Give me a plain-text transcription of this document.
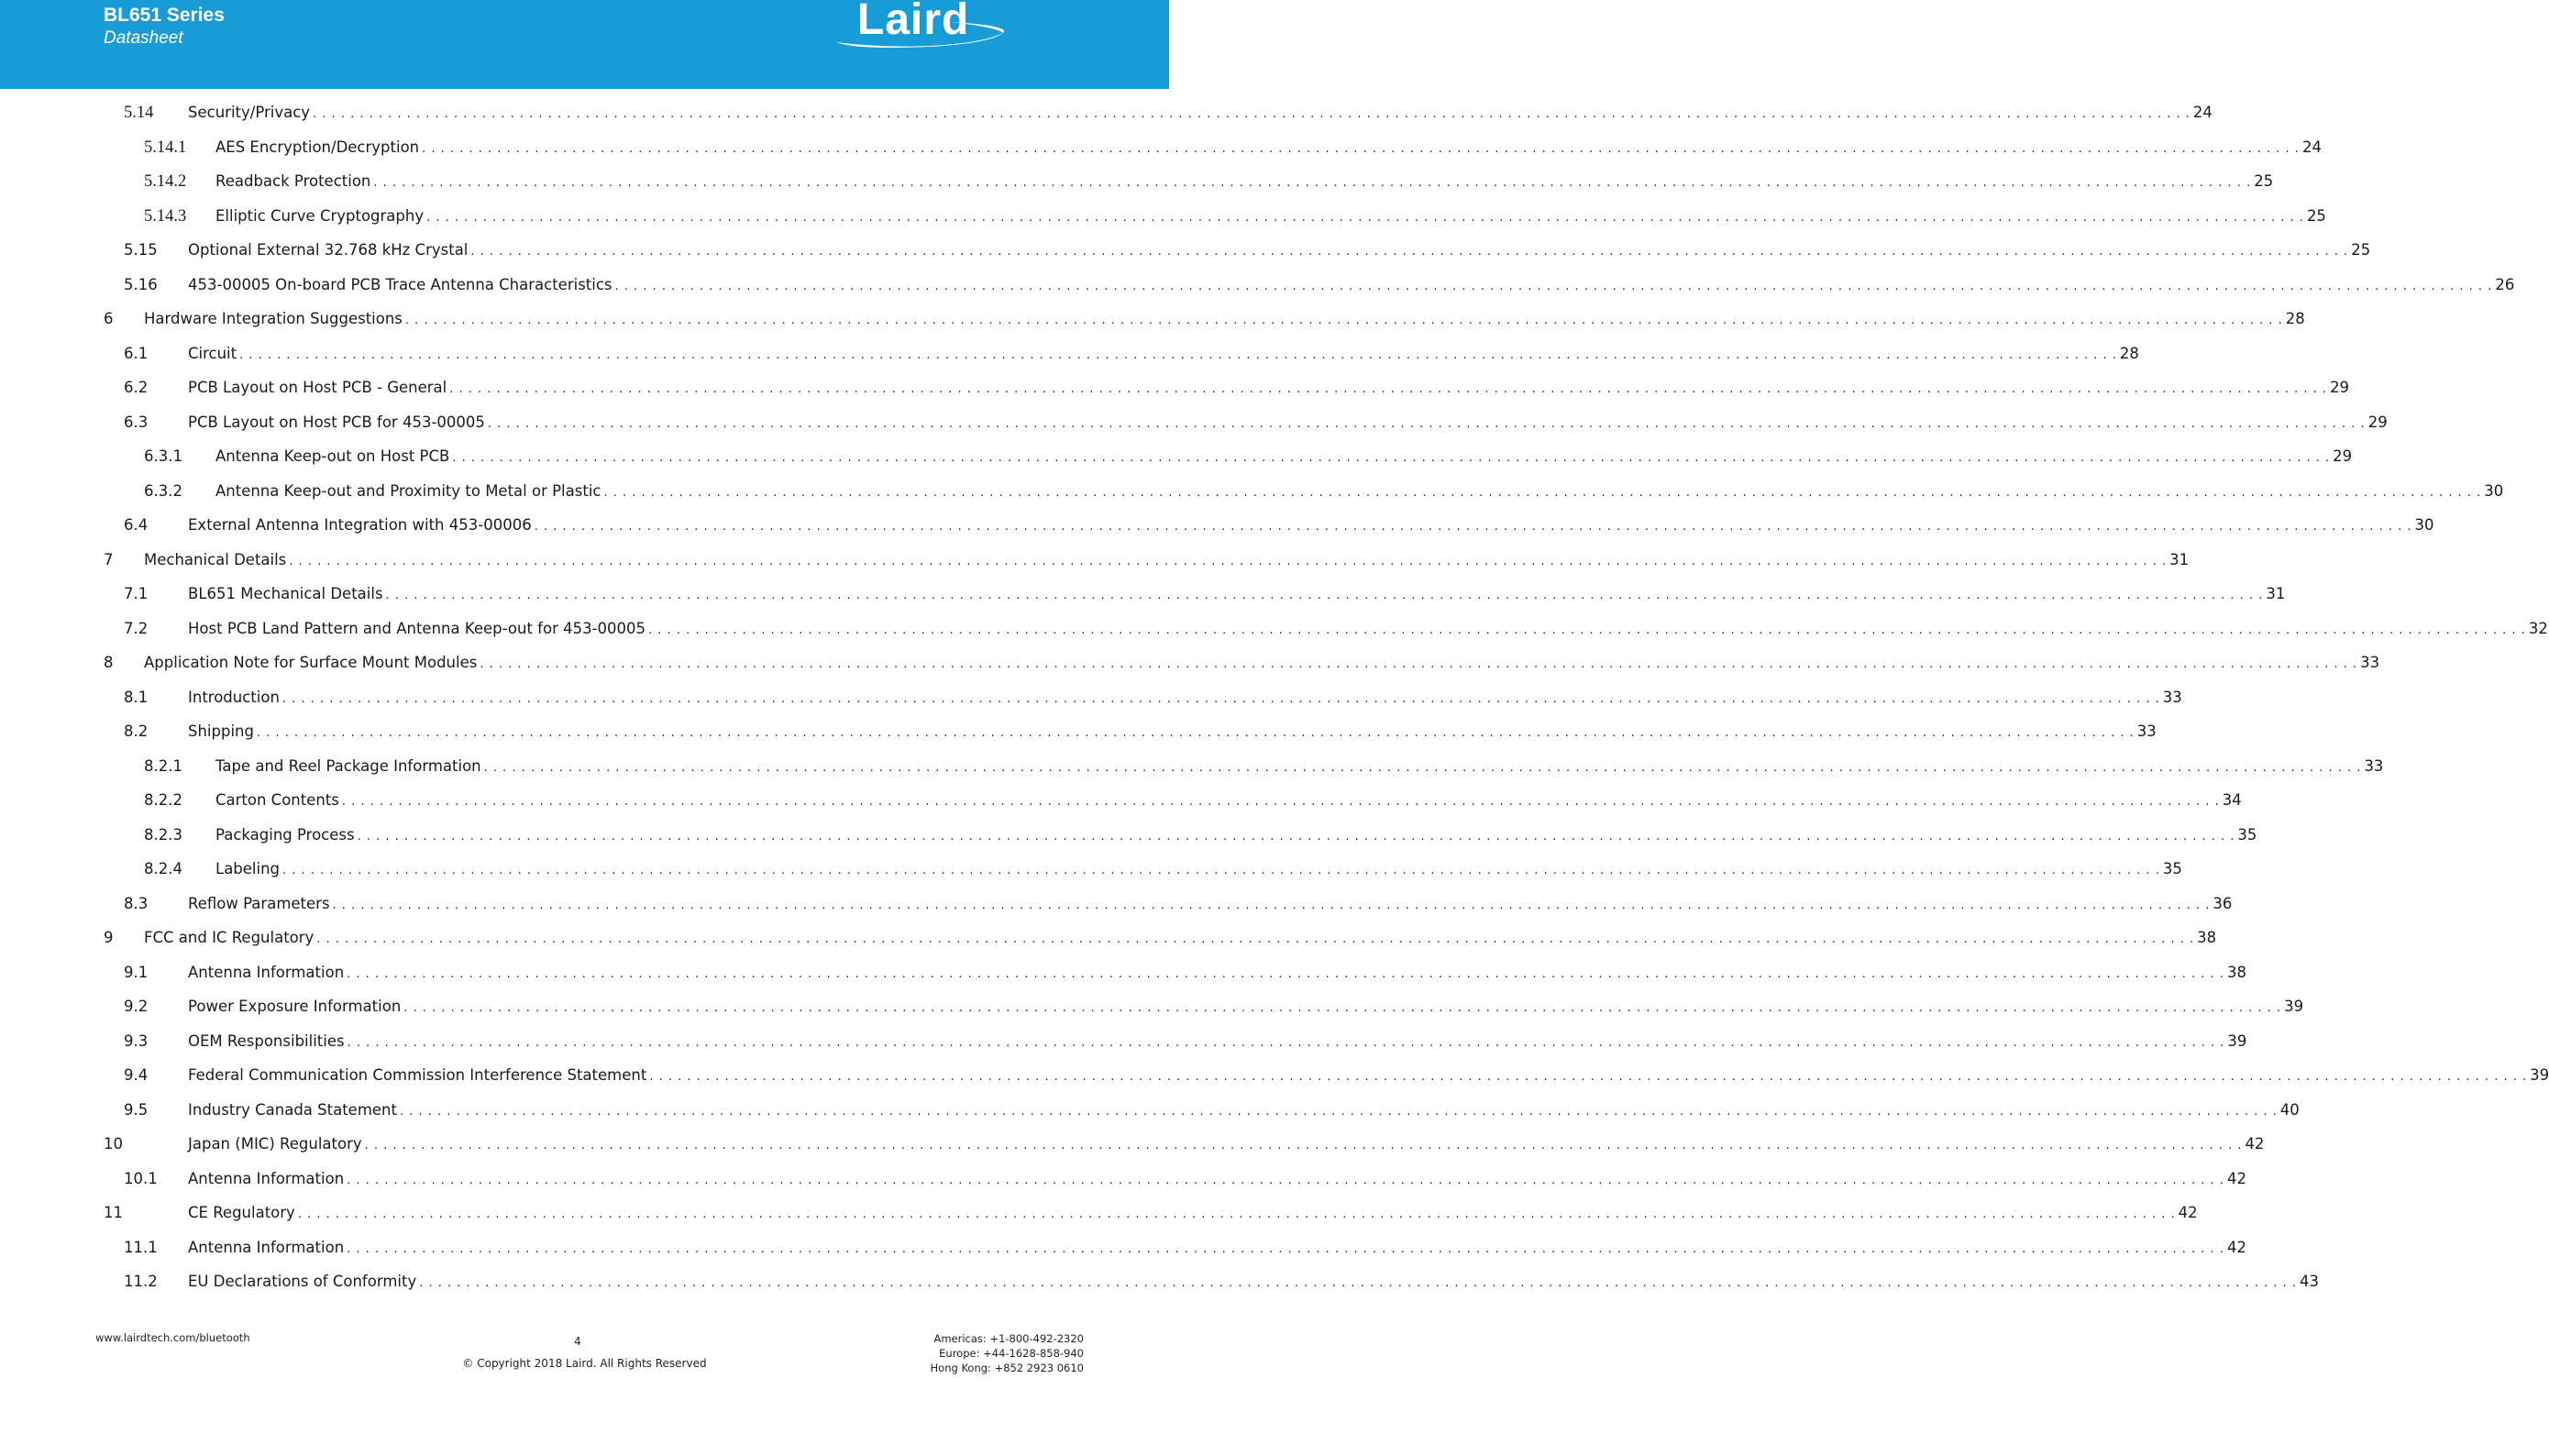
BL651 Series
Datasheet	Laird
5.14 Security/Privacy . . . . . . . . . . . . . . . . . . . . . . . . . . . . . . . . . . . . . . . . . . . . . . . . . . . . . . . . . . . . . . . . . . . . . . . . . . . . . . . . . . . . . . . . . . . . . . . . . . . . . . . . . . . . . . . . . . . . . . . . . . . . . . . . . . . . . . . . . . . . . . . . . . . . . . . . . . . . . . . . . . . . . . . . . . . . . . . . . . . . . . . . . . . . . . . . . . . . . . . . 24
5.14.1 AES Encryption/Decryption . . . . . . . . . . . . . . . . . . . . . . . . . . . . . . . . . . . . . . . . . . . . . . . . . . . . . . . . . . . . . . . . . . . . . . . . . . . . . . . . . . . . . . . . . . . . . . . . . . . . . . . . . . . . . . . . . . . . . . . . . . . . . . . . . . . . . . . . . . . . . . . . . . . . . . . . . . . . . . . . . . . . . . . . . . . . . . . . . . . . . . . . . . . . . . . . . . . . . . . . 24
5.14.2 Readback Protection . . . . . . . . . . . . . . . . . . . . . . . . . . . . . . . . . . . . . . . . . . . . . . . . . . . . . . . . . . . . . . . . . . . . . . . . . . . . . . . . . . . . . . . . . . . . . . . . . . . . . . . . . . . . . . . . . . . . . . . . . . . . . . . . . . . . . . . . . . . . . . . . . . . . . . . . . . . . . . . . . . . . . . . . . . . . . . . . . . . . . . . . . . . . . . . . . . . . . . . . 25
5.14.3 Elliptic Curve Cryptography . . . . . . . . . . . . . . . . . . . . . . . . . . . . . . . . . . . . . . . . . . . . . . . . . . . . . . . . . . . . . . . . . . . . . . . . . . . . . . . . . . . . . . . . . . . . . . . . . . . . . . . . . . . . . . . . . . . . . . . . . . . . . . . . . . . . . . . . . . . . . . . . . . . . . . . . . . . . . . . . . . . . . . . . . . . . . . . . . . . . . . . . . . . . . . . . . . . . . . . . 25
5.15 Optional External 32.768 kHz Crystal . . . . . . . . . . . . . . . . . . . . . . . . . . . . . . . . . . . . . . . . . . . . . . . . . . . . . . . . . . . . . . . . . . . . . . . . . . . . . . . . . . . . . . . . . . . . . . . . . . . . . . . . . . . . . . . . . . . . . . . . . . . . . . . . . . . . . . . . . . . . . . . . . . . . . . . . . . . . . . . . . . . . . . . . . . . . . . . . . . . . . . . . . . . . . . . . . . . . . . . . 25
5.16 453-00005 On-board PCB Trace Antenna Characteristics . . . . . . . . . . . . . . . . . . . . . . . . . . . . . . . . . . . . . . . . . . . . . . . . . . . . . . . . . . . . . . . . . . . . . . . . . . . . . . . . . . . . . . . . . . . . . . . . . . . . . . . . . . . . . . . . . . . . . . . . . . . . . . . . . . . . . . . . . . . . . . . . . . . . . . . . . . . . . . . . . . . . . . . . . . . . . . . . . . . . . . . . . . . . . . . . . . . . . . . . 26
6 Hardware Integration Suggestions . . . . . . . . . . . . . . . . . . . . . . . . . . . . . . . . . . . . . . . . . . . . . . . . . . . . . . . . . . . . . . . . . . . . . . . . . . . . . . . . . . . . . . . . . . . . . . . . . . . . . . . . . . . . . . . . . . . . . . . . . . . . . . . . . . . . . . . . . . . . . . . . . . . . . . . . . . . . . . . . . . . . . . . . . . . . . . . . . . . . . . . . . . . . . . . . . . . . . . . . 28
6.1	Circuit . . . . . . . . . . . . . . . . . . . . . . . . . . . . . . . . . . . . . . . . . . . . . . . . . . . . . . . . . . . . . . . . . . . . . . . . . . . . . . . . . . . . . . . . . . . . . . . . . . . . . . . . . . . . . . . . . . . . . . . . . . . . . . . . . . . . . . . . . . . . . . . . . . . . . . . . . . . . . . . . . . . . . . . . . . . . . . . . . . . . . . . . . . . . . . . . . . . . . . . . 28
6.2	PCB Layout on Host PCB - General . . . . . . . . . . . . . . . . . . . . . . . . . . . . . . . . . . . . . . . . . . . . . . . . . . . . . . . . . . . . . . . . . . . . . . . . . . . . . . . . . . . . . . . . . . . . . . . . . . . . . . . . . . . . . . . . . . . . . . . . . . . . . . . . . . . . . . . . . . . . . . . . . . . . . . . . . . . . . . . . . . . . . . . . . . . . . . . . . . . . . . . . . . . . . . . . . . . . . . . . 29
6.3	PCB Layout on Host PCB for 453-00005 . . . . . . . . . . . . . . . . . . . . . . . . . . . . . . . . . . . . . . . . . . . . . . . . . . . . . . . . . . . . . . . . . . . . . . . . . . . . . . . . . . . . . . . . . . . . . . . . . . . . . . . . . . . . . . . . . . . . . . . . . . . . . . . . . . . . . . . . . . . . . . . . . . . . . . . . . . . . . . . . . . . . . . . . . . . . . . . . . . . . . . . . . . . . . . . . . . . . . . . . 29
6.3.1 Antenna Keep-out on Host PCB . . . . . . . . . . . . . . . . . . . . . . . . . . . . . . . . . . . . . . . . . . . . . . . . . . . . . . . . . . . . . . . . . . . . . . . . . . . . . . . . . . . . . . . . . . . . . . . . . . . . . . . . . . . . . . . . . . . . . . . . . . . . . . . . . . . . . . . . . . . . . . . . . . . . . . . . . . . . . . . . . . . . . . . . . . . . . . . . . . . . . . . . . . . . . . . . . . . . . . . . 29
6.3.2 Antenna Keep-out and Proximity to Metal or Plastic . . . . . . . . . . . . . . . . . . . . . . . . . . . . . . . . . . . . . . . . . . . . . . . . . . . . . . . . . . . . . . . . . . . . . . . . . . . . . . . . . . . . . . . . . . . . . . . . . . . . . . . . . . . . . . . . . . . . . . . . . . . . . . . . . . . . . . . . . . . . . . . . . . . . . . . . . . . . . . . . . . . . . . . . . . . . . . . . . . . . . . . . . . . . . . . . . . . . . . . . 30
6.4	External Antenna Integration with 453-00006 . . . . . . . . . . . . . . . . . . . . . . . . . . . . . . . . . . . . . . . . . . . . . . . . . . . . . . . . . . . . . . . . . . . . . . . . . . . . . . . . . . . . . . . . . . . . . . . . . . . . . . . . . . . . . . . . . . . . . . . . . . . . . . . . . . . . . . . . . . . . . . . . . . . . . . . . . . . . . . . . . . . . . . . . . . . . . . . . . . . . . . . . . . . . . . . . . . . . . . . . 30
7 Mechanical Details . . . . . . . . . . . . . . . . . . . . . . . . . . . . . . . . . . . . . . . . . . . . . . . . . . . . . . . . . . . . . . . . . . . . . . . . . . . . . . . . . . . . . . . . . . . . . . . . . . . . . . . . . . . . . . . . . . . . . . . . . . . . . . . . . . . . . . . . . . . . . . . . . . . . . . . . . . . . . . . . . . . . . . . . . . . . . . . . . . . . . . . . . . . . . . . . . . . . . . . . 31
7.1	BL651 Mechanical Details . . . . . . . . . . . . . . . . . . . . . . . . . . . . . . . . . . . . . . . . . . . . . . . . . . . . . . . . . . . . . . . . . . . . . . . . . . . . . . . . . . . . . . . . . . . . . . . . . . . . . . . . . . . . . . . . . . . . . . . . . . . . . . . . . . . . . . . . . . . . . . . . . . . . . . . . . . . . . . . . . . . . . . . . . . . . . . . . . . . . . . . . . . . . . . . . . . . . . . . . 31
7.2	Host PCB Land Pattern and Antenna Keep-out for 453-00005 . . . . . . . . . . . . . . . . . . . . . . . . . . . . . . . . . . . . . . . . . . . . . . . . . . . . . . . . . . . . . . . . . . . . . . . . . . . . . . . . . . . . . . . . . . . . . . . . . . . . . . . . . . . . . . . . . . . . . . . . . . . . . . . . . . . . . . . . . . . . . . . . . . . . . . . . . . . . . . . . . . . . . . . . . . . . . . . . . . . . . . . . . . . . . . . . . . . . . . . . 32
8 Application Note for Surface Mount Modules . . . . . . . . . . . . . . . . . . . . . . . . . . . . . . . . . . . . . . . . . . . . . . . . . . . . . . . . . . . . . . . . . . . . . . . . . . . . . . . . . . . . . . . . . . . . . . . . . . . . . . . . . . . . . . . . . . . . . . . . . . . . . . . . . . . . . . . . . . . . . . . . . . . . . . . . . . . . . . . . . . . . . . . . . . . . . . . . . . . . . . . . . . . . . . . . . . . . . . . . 33
8.1	Introduction . . . . . . . . . . . . . . . . . . . . . . . . . . . . . . . . . . . . . . . . . . . . . . . . . . . . . . . . . . . . . . . . . . . . . . . . . . . . . . . . . . . . . . . . . . . . . . . . . . . . . . . . . . . . . . . . . . . . . . . . . . . . . . . . . . . . . . . . . . . . . . . . . . . . . . . . . . . . . . . . . . . . . . . . . . . . . . . . . . . . . . . . . . . . . . . . . . . . . . . . 33
8.2	Shipping . . . . . . . . . . . . . . . . . . . . . . . . . . . . . . . . . . . . . . . . . . . . . . . . . . . . . . . . . . . . . . . . . . . . . . . . . . . . . . . . . . . . . . . . . . . . . . . . . . . . . . . . . . . . . . . . . . . . . . . . . . . . . . . . . . . . . . . . . . . . . . . . . . . . . . . . . . . . . . . . . . . . . . . . . . . . . . . . . . . . . . . . . . . . . . . . . . . . . . . . 33
8.2.1 Tape and Reel Package Information . . . . . . . . . . . . . . . . . . . . . . . . . . . . . . . . . . . . . . . . . . . . . . . . . . . . . . . . . . . . . . . . . . . . . . . . . . . . . . . . . . . . . . . . . . . . . . . . . . . . . . . . . . . . . . . . . . . . . . . . . . . . . . . . . . . . . . . . . . . . . . . . . . . . . . . . . . . . . . . . . . . . . . . . . . . . . . . . . . . . . . . . . . . . . . . . . . . . . . . . 33
8.2.2 Carton Contents . . . . . . . . . . . . . . . . . . . . . . . . . . . . . . . . . . . . . . . . . . . . . . . . . . . . . . . . . . . . . . . . . . . . . . . . . . . . . . . . . . . . . . . . . . . . . . . . . . . . . . . . . . . . . . . . . . . . . . . . . . . . . . . . . . . . . . . . . . . . . . . . . . . . . . . . . . . . . . . . . . . . . . . . . . . . . . . . . . . . . . . . . . . . . . . . . . . . . . . . 34
8.2.3 Packaging Process . . . . . . . . . . . . . . . . . . . . . . . . . . . . . . . . . . . . . . . . . . . . . . . . . . . . . . . . . . . . . . . . . . . . . . . . . . . . . . . . . . . . . . . . . . . . . . . . . . . . . . . . . . . . . . . . . . . . . . . . . . . . . . . . . . . . . . . . . . . . . . . . . . . . . . . . . . . . . . . . . . . . . . . . . . . . . . . . . . . . . . . . . . . . . . . . . . . . . . . . 35
8.2.4 Labeling . . . . . . . . . . . . . . . . . . . . . . . . . . . . . . . . . . . . . . . . . . . . . . . . . . . . . . . . . . . . . . . . . . . . . . . . . . . . . . . . . . . . . . . . . . . . . . . . . . . . . . . . . . . . . . . . . . . . . . . . . . . . . . . . . . . . . . . . . . . . . . . . . . . . . . . . . . . . . . . . . . . . . . . . . . . . . . . . . . . . . . . . . . . . . . . . . . . . . . . . 35
8.3	Reflow Parameters . . . . . . . . . . . . . . . . . . . . . . . . . . . . . . . . . . . . . . . . . . . . . . . . . . . . . . . . . . . . . . . . . . . . . . . . . . . . . . . . . . . . . . . . . . . . . . . . . . . . . . . . . . . . . . . . . . . . . . . . . . . . . . . . . . . . . . . . . . . . . . . . . . . . . . . . . . . . . . . . . . . . . . . . . . . . . . . . . . . . . . . . . . . . . . . . . . . . . . . . 36
9 FCC and IC Regulatory . . . . . . . . . . . . . . . . . . . . . . . . . . . . . . . . . . . . . . . . . . . . . . . . . . . . . . . . . . . . . . . . . . . . . . . . . . . . . . . . . . . . . . . . . . . . . . . . . . . . . . . . . . . . . . . . . . . . . . . . . . . . . . . . . . . . . . . . . . . . . . . . . . . . . . . . . . . . . . . . . . . . . . . . . . . . . . . . . . . . . . . . . . . . . . . . . . . . . . . . 38
9.1	Antenna Information . . . . . . . . . . . . . . . . . . . . . . . . . . . . . . . . . . . . . . . . . . . . . . . . . . . . . . . . . . . . . . . . . . . . . . . . . . . . . . . . . . . . . . . . . . . . . . . . . . . . . . . . . . . . . . . . . . . . . . . . . . . . . . . . . . . . . . . . . . . . . . . . . . . . . . . . . . . . . . . . . . . . . . . . . . . . . . . . . . . . . . . . . . . . . . . . . . . . . . . . 38
9.2	Power Exposure Information . . . . . . . . . . . . . . . . . . . . . . . . . . . . . . . . . . . . . . . . . . . . . . . . . . . . . . . . . . . . . . . . . . . . . . . . . . . . . . . . . . . . . . . . . . . . . . . . . . . . . . . . . . . . . . . . . . . . . . . . . . . . . . . . . . . . . . . . . . . . . . . . . . . . . . . . . . . . . . . . . . . . . . . . . . . . . . . . . . . . . . . . . . . . . . . . . . . . . . . . 39
9.3	OEM Responsibilities . . . . . . . . . . . . . . . . . . . . . . . . . . . . . . . . . . . . . . . . . . . . . . . . . . . . . . . . . . . . . . . . . . . . . . . . . . . . . . . . . . . . . . . . . . . . . . . . . . . . . . . . . . . . . . . . . . . . . . . . . . . . . . . . . . . . . . . . . . . . . . . . . . . . . . . . . . . . . . . . . . . . . . . . . . . . . . . . . . . . . . . . . . . . . . . . . . . . . . . . 39
9.4	Federal Communication Commission Interference Statement . . . . . . . . . . . . . . . . . . . . . . . . . . . . . . . . . . . . . . . . . . . . . . . . . . . . . . . . . . . . . . . . . . . . . . . . . . . . . . . . . . . . . . . . . . . . . . . . . . . . . . . . . . . . . . . . . . . . . . . . . . . . . . . . . . . . . . . . . . . . . . . . . . . . . . . . . . . . . . . . . . . . . . . . . . . . . . . . . . . . . . . . . . . . . . . . . . . . . . . . 39
9.5	Industry Canada Statement . . . . . . . . . . . . . . . . . . . . . . . . . . . . . . . . . . . . . . . . . . . . . . . . . . . . . . . . . . . . . . . . . . . . . . . . . . . . . . . . . . . . . . . . . . . . . . . . . . . . . . . . . . . . . . . . . . . . . . . . . . . . . . . . . . . . . . . . . . . . . . . . . . . . . . . . . . . . . . . . . . . . . . . . . . . . . . . . . . . . . . . . . . . . . . . . . . . . . . . . 40
10	Japan (MIC) Regulatory . . . . . . . . . . . . . . . . . . . . . . . . . . . . . . . . . . . . . . . . . . . . . . . . . . . . . . . . . . . . . . . . . . . . . . . . . . . . . . . . . . . . . . . . . . . . . . . . . . . . . . . . . . . . . . . . . . . . . . . . . . . . . . . . . . . . . . . . . . . . . . . . . . . . . . . . . . . . . . . . . . . . . . . . . . . . . . . . . . . . . . . . . . . . . . . . . . . . . . . . 42
10.1 Antenna Information . . . . . . . . . . . . . . . . . . . . . . . . . . . . . . . . . . . . . . . . . . . . . . . . . . . . . . . . . . . . . . . . . . . . . . . . . . . . . . . . . . . . . . . . . . . . . . . . . . . . . . . . . . . . . . . . . . . . . . . . . . . . . . . . . . . . . . . . . . . . . . . . . . . . . . . . . . . . . . . . . . . . . . . . . . . . . . . . . . . . . . . . . . . . . . . . . . . . . . . . 42
11	CE Regulatory . . . . . . . . . . . . . . . . . . . . . . . . . . . . . . . . . . . . . . . . . . . . . . . . . . . . . . . . . . . . . . . . . . . . . . . . . . . . . . . . . . . . . . . . . . . . . . . . . . . . . . . . . . . . . . . . . . . . . . . . . . . . . . . . . . . . . . . . . . . . . . . . . . . . . . . . . . . . . . . . . . . . . . . . . . . . . . . . . . . . . . . . . . . . . . . . . . . . . . . . 42
11.1 Antenna Information . . . . . . . . . . . . . . . . . . . . . . . . . . . . . . . . . . . . . . . . . . . . . . . . . . . . . . . . . . . . . . . . . . . . . . . . . . . . . . . . . . . . . . . . . . . . . . . . . . . . . . . . . . . . . . . . . . . . . . . . . . . . . . . . . . . . . . . . . . . . . . . . . . . . . . . . . . . . . . . . . . . . . . . . . . . . . . . . . . . . . . . . . . . . . . . . . . . . . . . . 42
11.2 EU Declarations of Conformity . . . . . . . . . . . . . . . . . . . . . . . . . . . . . . . . . . . . . . . . . . . . . . . . . . . . . . . . . . . . . . . . . . . . . . . . . . . . . . . . . . . . . . . . . . . . . . . . . . . . . . . . . . . . . . . . . . . . . . . . . . . . . . . . . . . . . . . . . . . . . . . . . . . . . . . . . . . . . . . . . . . . . . . . . . . . . . . . . . . . . . . . . . . . . . . . . . . . . . . . 43
www.lairdtech.com/bluetooth	4
© Copyright 2018 Laird. All Rights Reserved
Americas: +1-800-492-2320
Europe: +44-1628-858-940
Hong Kong: +852 2923 0610
